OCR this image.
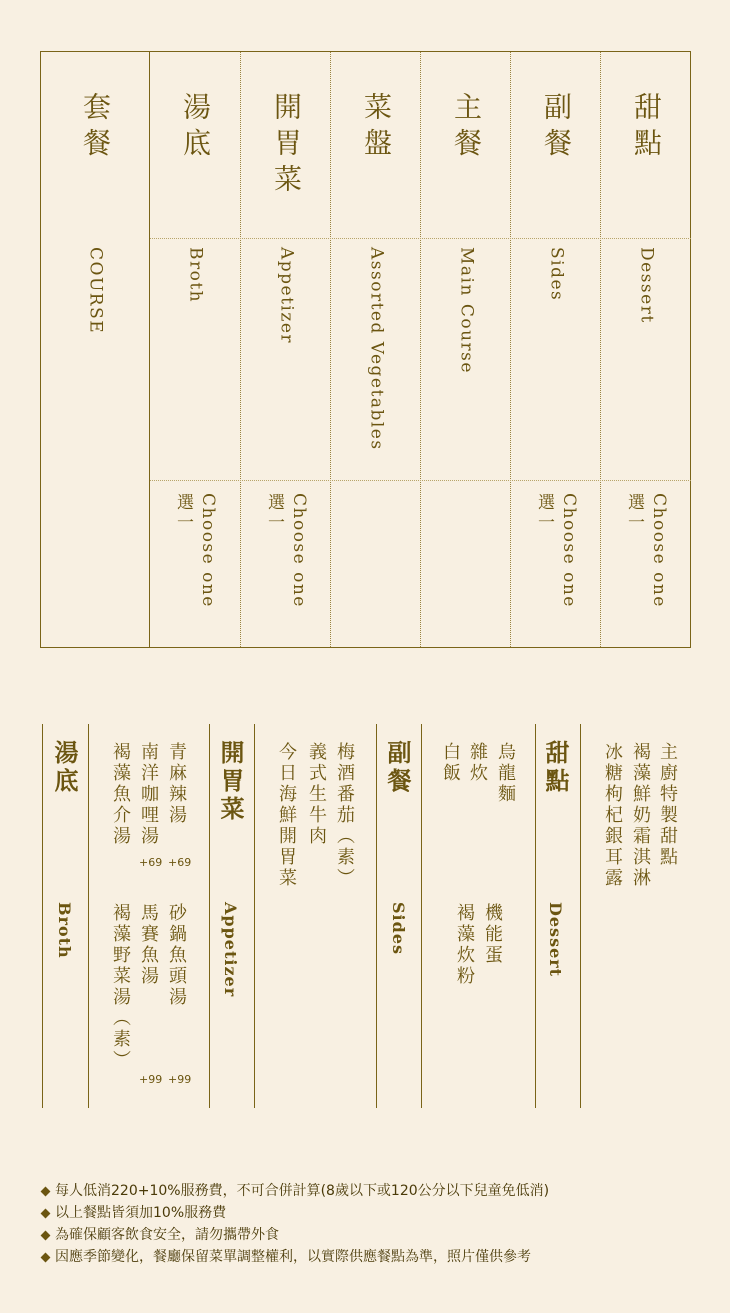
套餐
COURSE
湯底
Broth
Choose one
選一
開胃菜
Appetizer
Choose one
選一
菜盤
Assorted Vegetables
主餐
Main Course
副餐
Sides
Choose one
選一
甜點
Dessert
Choose one
選一
甜點
Dessert
主廚特製甜點
褐藻鮮奶霜淇淋
冰糖枸杞銀耳露
副餐
Sides
烏龍麵
雜炊
白飯
機能蛋
褐藻炊粉
開胃菜
Appetizer
梅酒番茄（素）
義式生牛肉
今日海鮮開胃菜
湯底
Broth
青麻辣湯
+69
南洋咖哩湯
+69
褐藻魚介湯
砂鍋魚頭湯
+99
馬賽魚湯
+99
褐藻野菜湯（素）
每人低消220+10%服務費，不可合併計算(8歲以下或120公分以下兒童免低消)
以上餐點皆須加10%服務費
為確保顧客飲食安全，請勿攜帶外食
因應季節變化，餐廳保留菜單調整權利，以實際供應餐點為準，照片僅供參考
